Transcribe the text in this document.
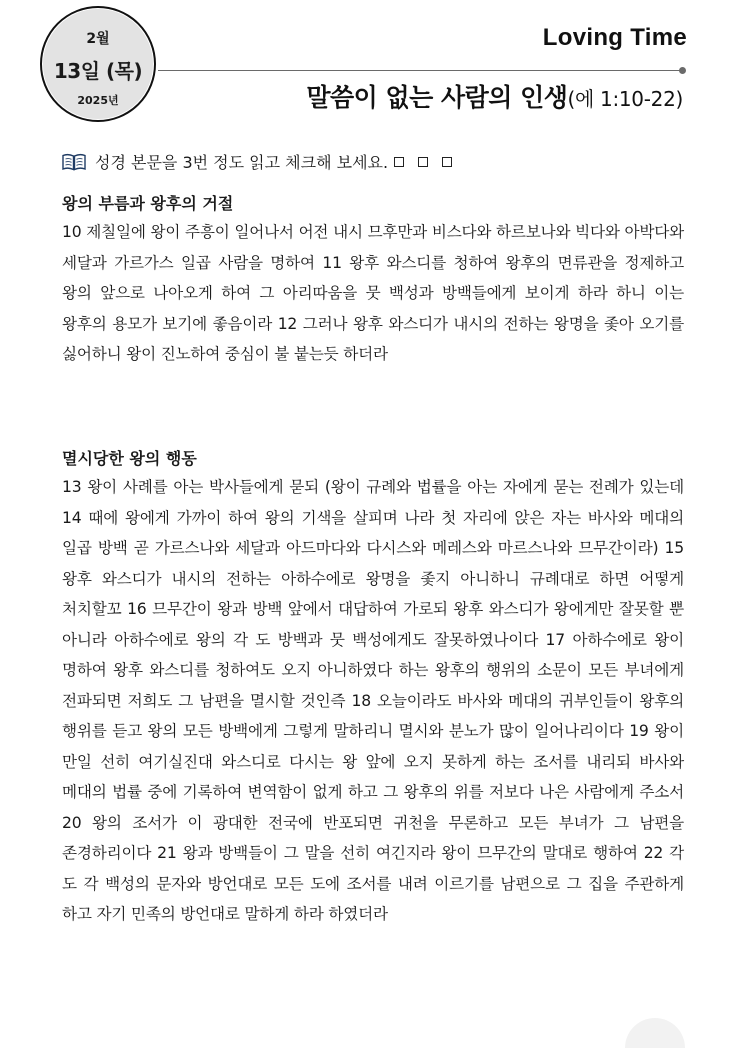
2월
13일 (목)
2025년
Loving Time
말씀이 없는 사람의 인생(에 1:10-22)
성경 본문을 3번 정도 읽고 체크해 보세요.

왕의 부름과 왕후의 거절

10 제칠일에 왕이 주흥이 일어나서 어전 내시 므후만과 비스다와 하르보나와 빅다와 아박다와 세달과 가르가스 일곱 사람을 명하여 11 왕후 와스디를 청하여 왕후의 면류관을 정제하고 왕의 앞으로 나아오게 하여 그 아리따움을 뭇 백성과 방백들에게 보이게 하라 하니 이는 왕후의 용모가 보기에 좋음이라 12 그러나 왕후 와스디가 내시의 전하는 왕명을 좇아 오기를 싫어하니 왕이 진노하여 중심이 불 붙는듯 하더라

멸시당한 왕의 행동

13 왕이 사례를 아는 박사들에게 묻되 (왕이 규례와 법률을 아는 자에게 묻는 전례가 있는데 14 때에 왕에게 가까이 하여 왕의 기색을 살피며 나라 첫 자리에 앉은 자는 바사와 메대의 일곱 방백 곧 가르스나와 세달과 아드마다와 다시스와 메레스와 마르스나와 므무간이라) 15 왕후 와스디가 내시의 전하는 아하수에로 왕명을 좇지 아니하니 규례대로 하면 어떻게 처치할꼬 16 므무간이 왕과 방백 앞에서 대답하여 가로되 왕후 와스디가 왕에게만 잘못할 뿐 아니라 아하수에로 왕의 각 도 방백과 뭇 백성에게도 잘못하였나이다 17 아하수에로 왕이 명하여 왕후 와스디를 청하여도 오지 아니하였다 하는 왕후의 행위의 소문이 모든 부녀에게 전파되면 저희도 그 남편을 멸시할 것인즉 18 오늘이라도 바사와 메대의 귀부인들이 왕후의 행위를 듣고 왕의 모든 방백에게 그렇게 말하리니 멸시와 분노가 많이 일어나리이다 19 왕이 만일 선히 여기실진대 와스디로 다시는 왕 앞에 오지 못하게 하는 조서를 내리되 바사와 메대의 법률 중에 기록하여 변역함이 없게 하고 그 왕후의 위를 저보다 나은 사람에게 주소서 20 왕의 조서가 이 광대한 전국에 반포되면 귀천을 무론하고 모든 부녀가 그 남편을 존경하리이다 21 왕과 방백들이 그 말을 선히 여긴지라 왕이 므무간의 말대로 행하여 22 각 도 각 백성의 문자와 방언대로 모든 도에 조서를 내려 이르기를 남편으로 그 집을 주관하게 하고 자기 민족의 방언대로 말하게 하라 하였더라
